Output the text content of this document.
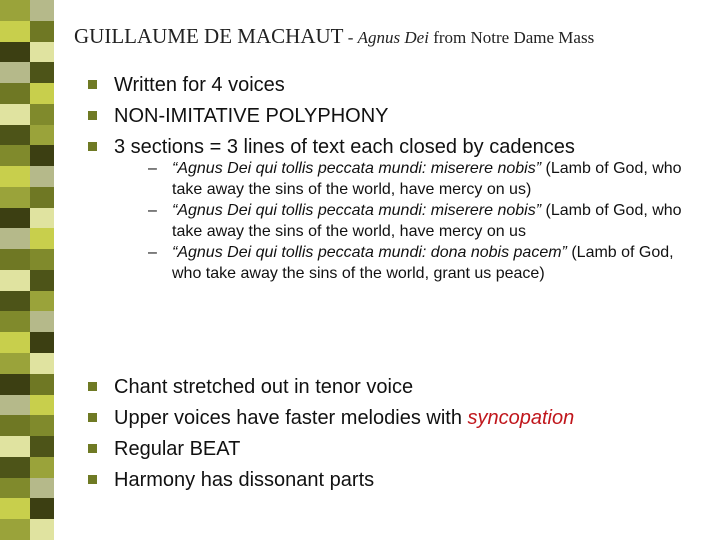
GUILLAUME DE MACHAUT - Agnus Dei from Notre Dame Mass
Written for 4 voices
NON-IMITATIVE POLYPHONY
3 sections = 3 lines of text each closed by cadences
– “Agnus Dei qui tollis peccata mundi: miserere nobis” (Lamb of God, who take away the sins of the world, have mercy on us)
– “Agnus Dei qui tollis peccata mundi: miserere nobis” (Lamb of God, who take away the sins of the world, have mercy on us
– “Agnus Dei qui tollis peccata mundi: dona nobis pacem” (Lamb of God, who take away the sins of the world, grant us peace)
Chant stretched out in tenor voice
Upper voices have faster melodies with syncopation
Regular BEAT
Harmony has dissonant parts
